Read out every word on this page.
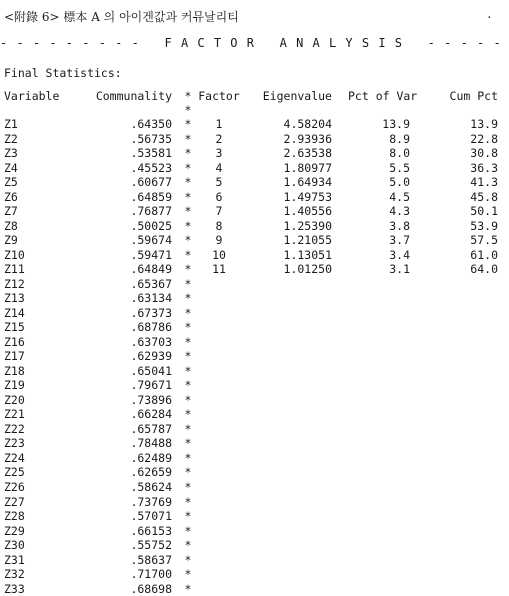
<附錄 6> 標本 A 의 아이겐값과 커뮤날리티	.
- - - - - - - - -   F A C T O R   A N A L Y S I S   - - - - -
Final Statistics:
Variable	Communality * Factor Eigenvalue Pct of Var	Cum Pct
*
Z1	.64350 *	1	4.58204	13.9	13.9
Z2	.56735 *	2	2.93936	8.9	22.8
Z3	.53581 *	3	2.63538	8.0	30.8
Z4	.45523 *	4	1.80977	5.5	36.3
Z5	.60677 *	5	1.64934	5.0	41.3
Z6	.64859 *	6	1.49753	4.5	45.8
Z7	.76877 *	7	1.40556	4.3	50.1
Z8	.50025 *	8	1.25390	3.8	53.9
Z9	.59674 *	9	1.21055	3.7	57.5
Z10	.59471 *	10	1.13051	3.4	61.0
Z11	.64849 *	11	1.01250	3.1	64.0
Z12	.65367 *
Z13	.63134 *
Z14	.67373 *
Z15	.68786 *
Z16	.63703 *
Z17	.62939 *
Z18	.65041 *
Z19	.79671 *
Z20	.73896 *
Z21	.66284 *
Z22	.65787 *
Z23	.78488 *
Z24	.62489 *
Z25	.62659 *
Z26	.58624 *
Z27	.73769 *
Z28	.57071 *
Z29	.66153 *
Z30	.55752 *
Z31	.58637 *
Z32	.71700 *
Z33	.68698 *
